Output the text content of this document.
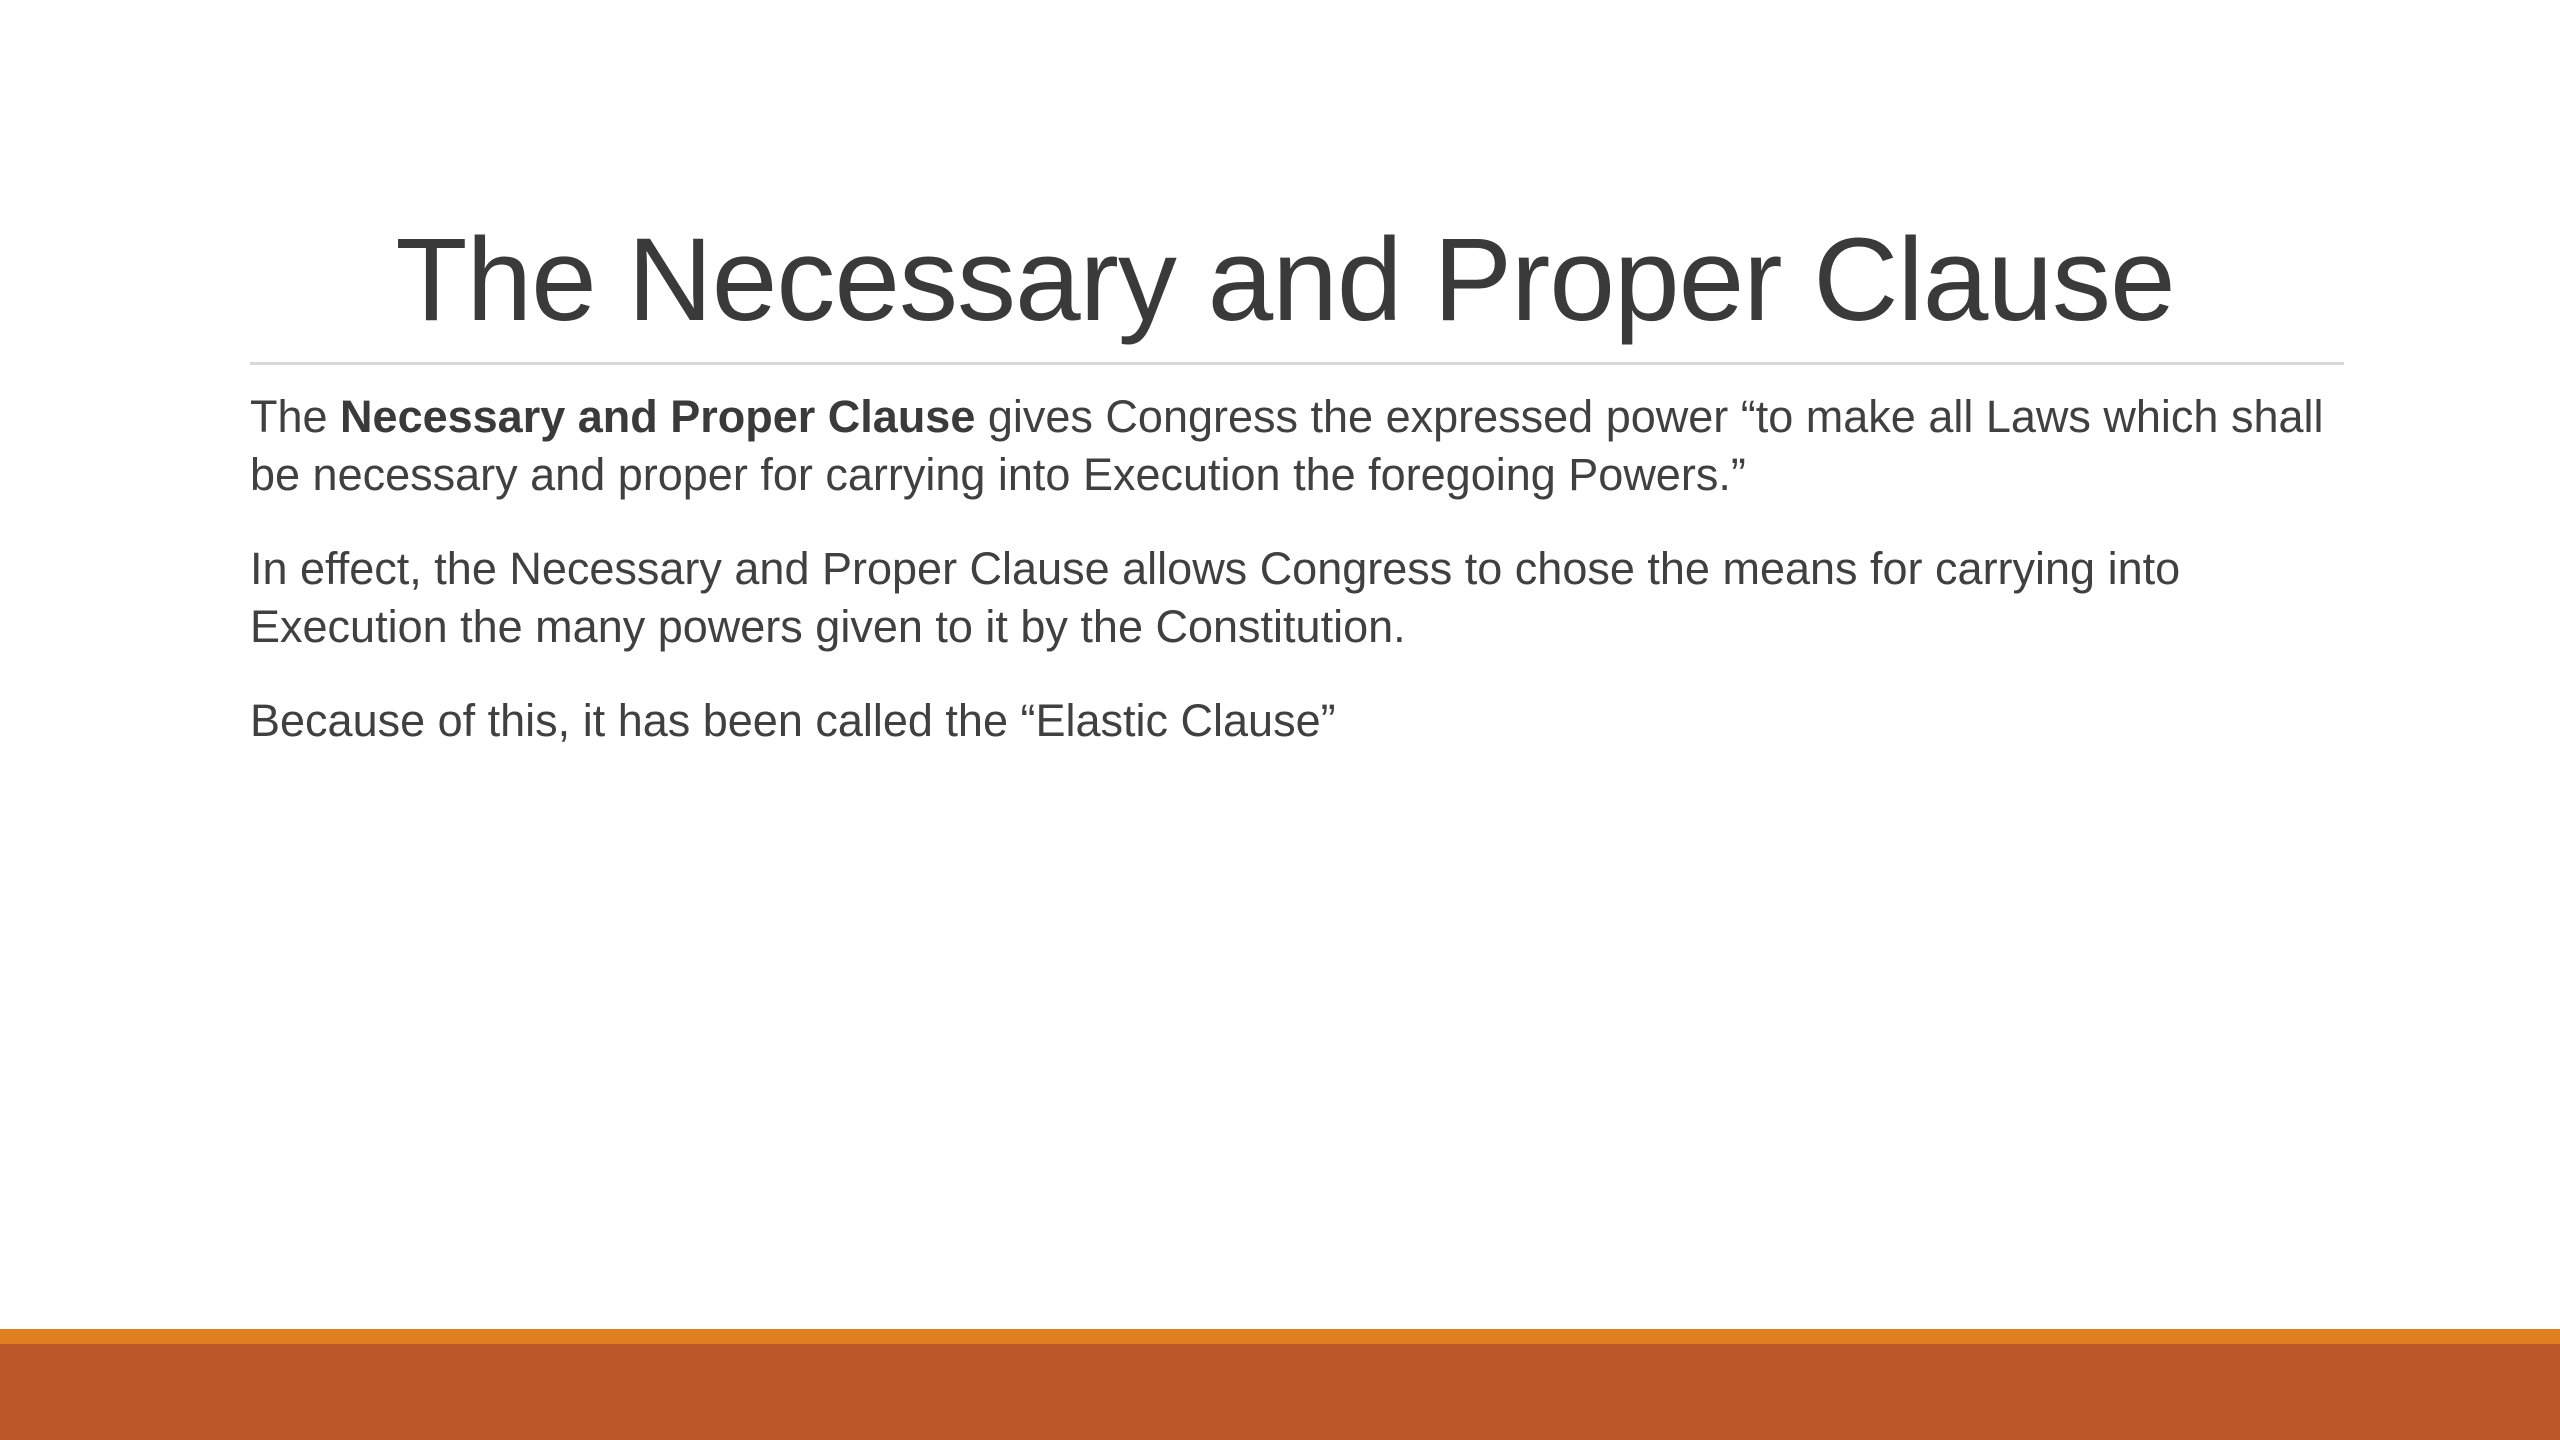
The Necessary and Proper Clause

The Necessary and Proper Clause gives Congress the expressed power “to make all Laws which shall be necessary and proper for carrying into Execution the foregoing Powers.”

In effect, the Necessary and Proper Clause allows Congress to chose the means for carrying into Execution the many powers given to it by the Constitution.

Because of this, it has been called the “Elastic Clause”
